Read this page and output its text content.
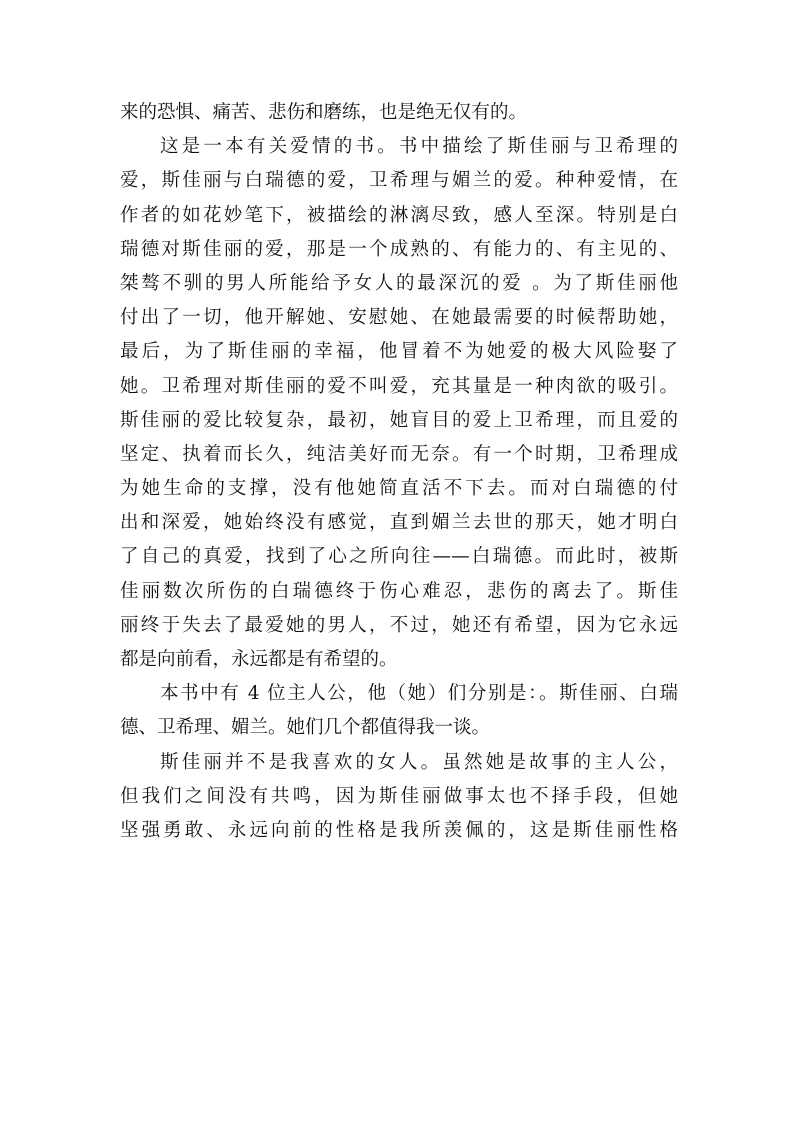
来的恐惧、痛苦、悲伤和磨练，也是绝无仅有的。
这是一本有关爱情的书。书中描绘了斯佳丽与卫希理的
爱，斯佳丽与白瑞德的爱，卫希理与媚兰的爱。种种爱情，在
作者的如花妙笔下，被描绘的淋漓尽致，感人至深。特别是白
瑞德对斯佳丽的爱，那是一个成熟的、有能力的、有主见的、
桀骜不驯的男人所能给予女人的最深沉的爱 。为了斯佳丽他
付出了一切，他开解她、安慰她、在她最需要的时候帮助她，
最后，为了斯佳丽的幸福，他冒着不为她爱的极大风险娶了
她。卫希理对斯佳丽的爱不叫爱，充其量是一种肉欲的吸引。
斯佳丽的爱比较复杂，最初，她盲目的爱上卫希理，而且爱的
坚定、执着而长久，纯洁美好而无奈。有一个时期，卫希理成
为她生命的支撑，没有他她简直活不下去。而对白瑞德的付
出和深爱，她始终没有感觉，直到媚兰去世的那天，她才明白
了自己的真爱，找到了心之所向往——白瑞德。而此时，被斯
佳丽数次所伤的白瑞德终于伤心难忍，悲伤的离去了。斯佳
丽终于失去了最爱她的男人，不过，她还有希望，因为它永远
都是向前看，永远都是有希望的。
本书中有 4 位主人公，他（她）们分别是：。斯佳丽、白瑞
德、卫希理、媚兰。她们几个都值得我一谈。
斯佳丽并不是我喜欢的女人。虽然她是故事的主人公，
但我们之间没有共鸣，因为斯佳丽做事太也不择手段，但她
坚强勇敢、永远向前的性格是我所羡佩的，这是斯佳丽性格
